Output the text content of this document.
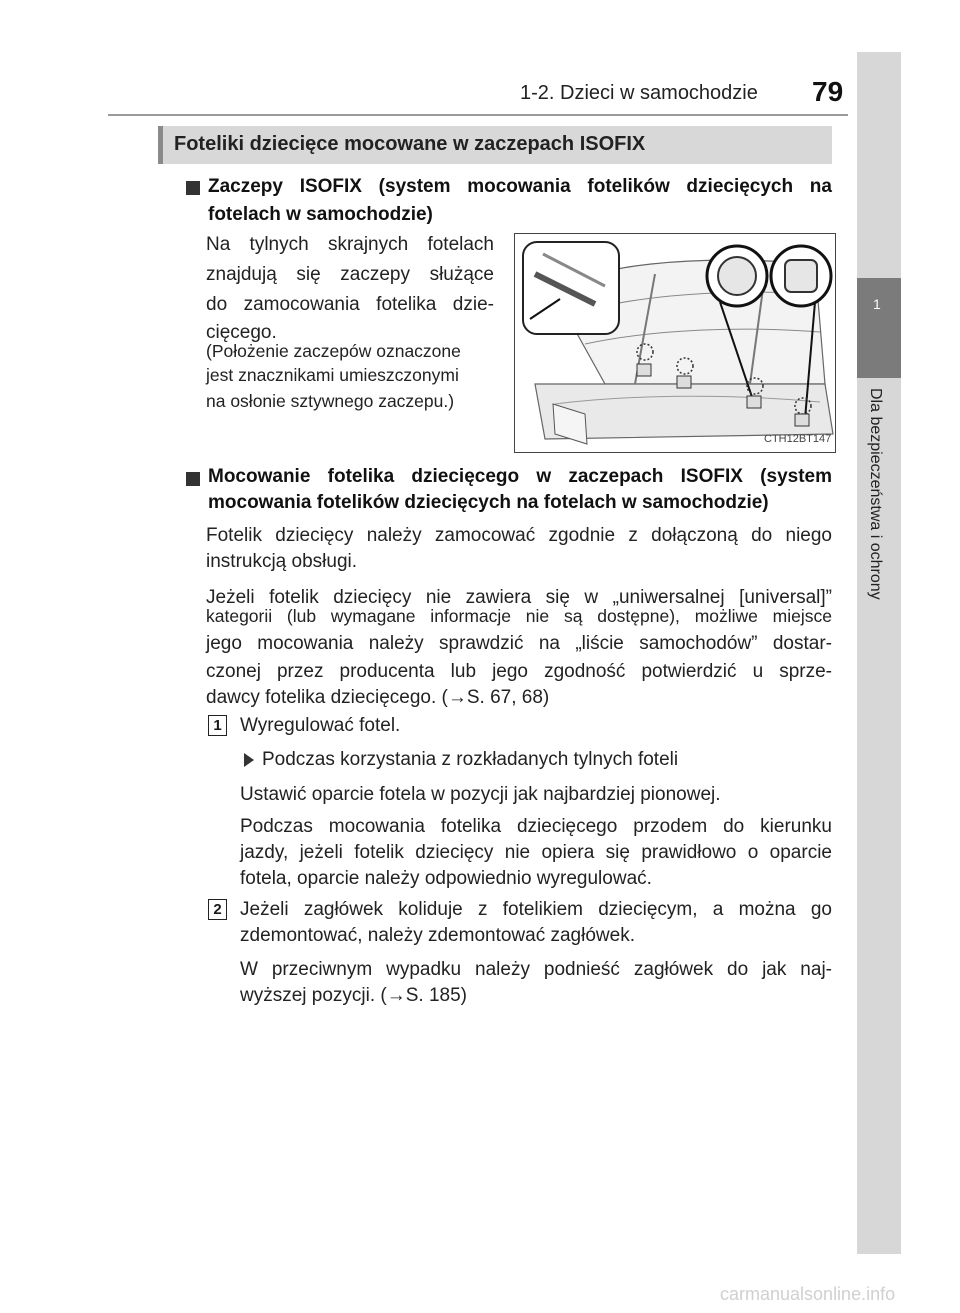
1-2. Dzieci w samochodzie 79
1
Dla bezpieczeństwa i ochrony
Foteliki dziecięce mocowane w zaczepach ISOFIX
Zaczepy ISOFIX (system mocowania fotelików dziecięcych na
fotelach w samochodzie)
Na tylnych skrajnych fotelach
znajdują się zaczepy służące
do zamocowania fotelika dzie-
cięcego.
(Położenie zaczepów oznaczone
jest znacznikami umieszczonymi
na osłonie sztywnego zaczepu.)
CTH12BT147
Mocowanie fotelika dziecięcego w zaczepach ISOFIX (system
mocowania fotelików dziecięcych na fotelach w samochodzie)
Fotelik dziecięcy należy zamocować zgodnie z dołączoną do niego
instrukcją obsługi.
Jeżeli fotelik dziecięcy nie zawiera się w „uniwersalnej [universal]”
kategorii (lub wymagane informacje nie są dostępne), możliwe miejsce
jego mocowania należy sprawdzić na „liście samochodów” dostar-
czonej przez producenta lub jego zgodność potwierdzić u sprze-
dawcy fotelika dziecięcego. (→S. 67, 68)
1 Wyregulować fotel.
Podczas korzystania z rozkładanych tylnych foteli
Ustawić oparcie fotela w pozycji jak najbardziej pionowej.
Podczas mocowania fotelika dziecięcego przodem do kierunku
jazdy, jeżeli fotelik dziecięcy nie opiera się prawidłowo o oparcie
fotela, oparcie należy odpowiednio wyregulować.
2 Jeżeli zagłówek koliduje z fotelikiem dziecięcym, a można go
zdemontować, należy zdemontować zagłówek.
W przeciwnym wypadku należy podnieść zagłówek do jak naj-
wyższej pozycji. (→S. 185)
carmanualsonline.info
